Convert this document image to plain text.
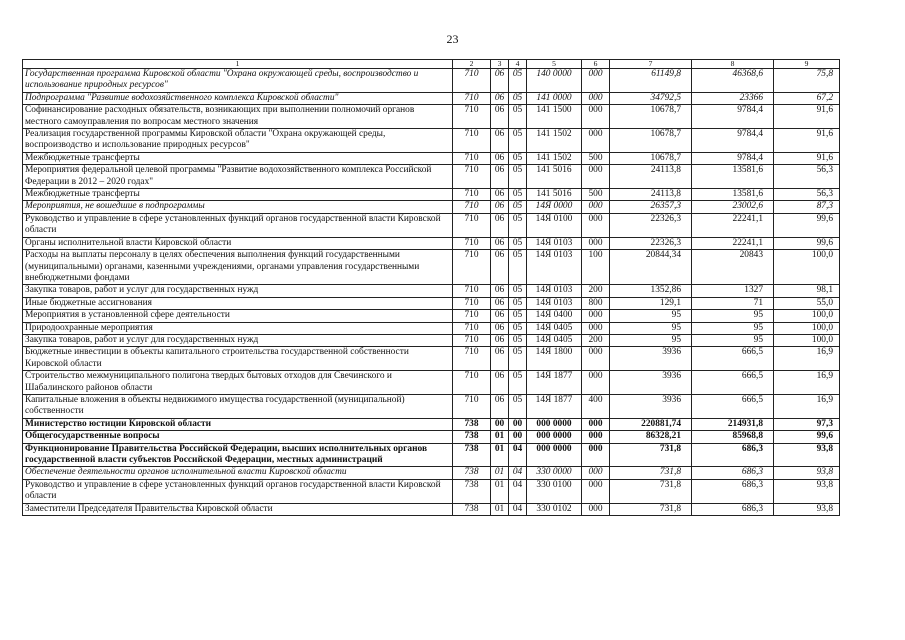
23
1	2	3	4	5	6	7	8	9
Государственная программа Кировской области "Охрана окружающей среды, воспроизводство и использование природных ресурсов"	710	06	05	140 0000	000	61149,8	46368,6	75,8
Подпрограмма "Развитие водохозяйственного комплекса Кировской области"	710	06	05	141 0000	000	34792,5	23366	67,2
Софинансирование расходных обязательств, возникающих при выполнении полномочий органов местного самоуправления по вопросам местного значения	710	06	05	141 1500	000	10678,7	9784,4	91,6
Реализация государственной программы Кировской области "Охрана окружающей среды, воспроизводство и использование природных ресурсов"	710	06	05	141 1502	000	10678,7	9784,4	91,6
Межбюджетные трансферты	710	06	05	141 1502	500	10678,7	9784,4	91,6
Мероприятия федеральной целевой программы "Развитие водохозяйственного комплекса Российской Федерации в 2012 – 2020 годах"	710	06	05	141 5016	000	24113,8	13581,6	56,3
Межбюджетные трансферты	710	06	05	141 5016	500	24113,8	13581,6	56,3
Мероприятия, не вошедшие в подпрограммы	710	06	05	14Я 0000	000	26357,3	23002,6	87,3
Руководство и управление в сфере установленных функций органов государственной власти Кировской области	710	06	05	14Я 0100	000	22326,3	22241,1	99,6
Органы исполнительной власти Кировской области	710	06	05	14Я 0103	000	22326,3	22241,1	99,6
Расходы на выплаты персоналу в целях обеспечения выполнения функций государственными (муниципальными) органами, казенными учреждениями, органами управления государственными внебюджетными фондами	710	06	05	14Я 0103	100	20844,34	20843	100,0
Закупка товаров, работ и услуг для государственных нужд	710	06	05	14Я 0103	200	1352,86	1327	98,1
Иные бюджетные ассигнования	710	06	05	14Я 0103	800	129,1	71	55,0
Мероприятия в установленной сфере деятельности	710	06	05	14Я 0400	000	95	95	100,0
Природоохранные мероприятия	710	06	05	14Я 0405	000	95	95	100,0
Закупка товаров, работ и услуг для государственных нужд	710	06	05	14Я 0405	200	95	95	100,0
Бюджетные инвестиции в объекты капитального строительства государственной собственности Кировской области	710	06	05	14Я 1800	000	3936	666,5	16,9
Строительство межмуниципального полигона твердых бытовых отходов для Свечинского и Шабалинского районов области	710	06	05	14Я 1877	000	3936	666,5	16,9
Капитальные вложения в объекты недвижимого имущества государственной (муниципальной) собственности	710	06	05	14Я 1877	400	3936	666,5	16,9
Министерство юстиции Кировской области	738	00	00	000 0000	000	220881,74	214931,8	97,3
Общегосударственные вопросы	738	01	00	000 0000	000	86328,21	85968,8	99,6
Функционирование Правительства Российской Федерации, высших исполнительных органов государственной власти субъектов Российской Федерации, местных администраций	738	01	04	000 0000	000	731,8	686,3	93,8
Обеспечение деятельности органов исполнительной власти Кировской области	738	01	04	330 0000	000	731,8	686,3	93,8
Руководство и управление в сфере установленных функций органов государственной власти Кировской области	738	01	04	330 0100	000	731,8	686,3	93,8
Заместители Председателя Правительства Кировской области	738	01	04	330 0102	000	731,8	686,3	93,8
